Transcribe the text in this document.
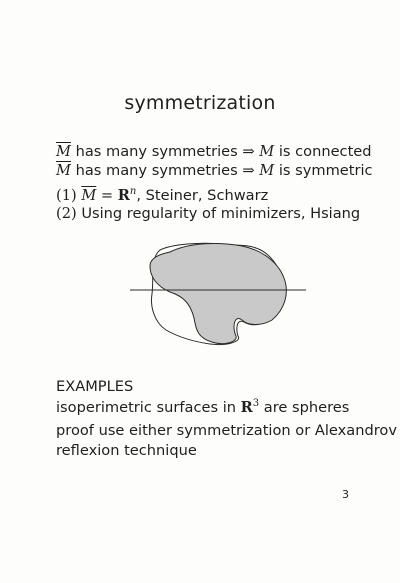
symmetrization
$\overline{M}$ has many symmetries ⇒ M is connected
$\overline{M}$ has many symmetries ⇒ M is symmetric
(1) $\overline{M} = R^n$, Steiner, Schwarz
(2) Using regularity of minimizers, Hsiang
EXAMPLES
isoperimetric surfaces in $R^3$ are spheres
proof use either symmetrization or Alexandrov
reflexion technique
3
